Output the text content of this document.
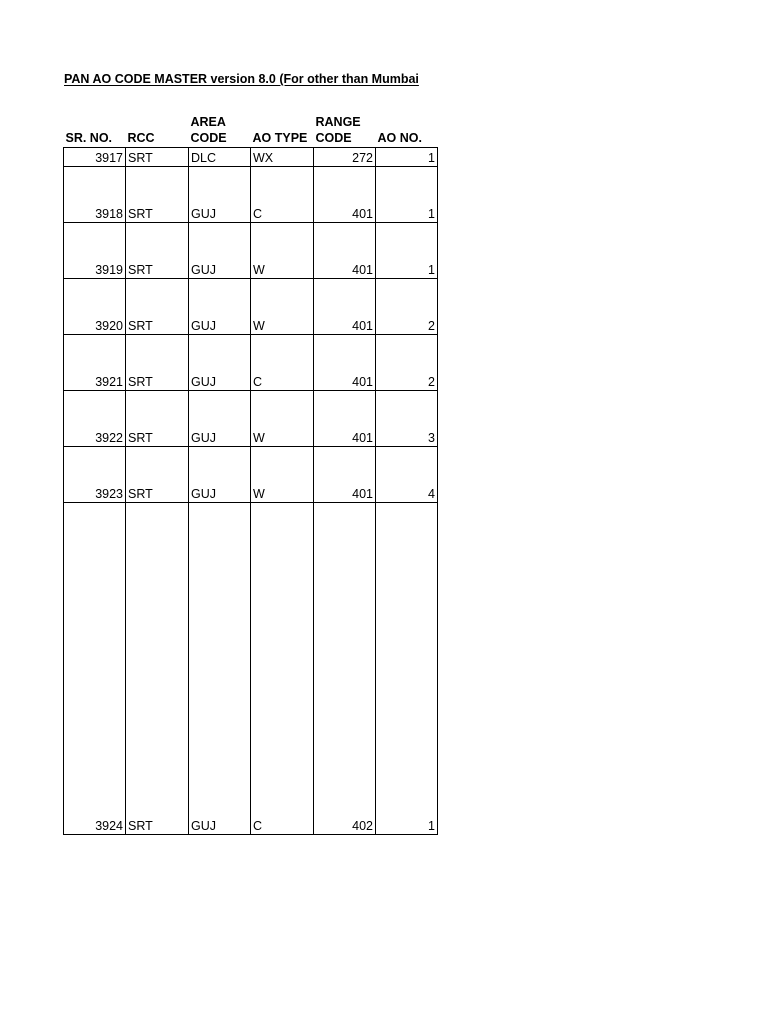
PAN AO CODE MASTER version 8.0 (For other than Mumbai
SR. NO.	RCC	AREA CODE	AO TYPE	RANGE CODE	AO NO.
3917	SRT	DLC	WX	272	1
3918	SRT	GUJ	C	401	1
3919	SRT	GUJ	W	401	1
3920	SRT	GUJ	W	401	2
3921	SRT	GUJ	C	401	2
3922	SRT	GUJ	W	401	3
3923	SRT	GUJ	W	401	4
3924	SRT	GUJ	C	402	1
